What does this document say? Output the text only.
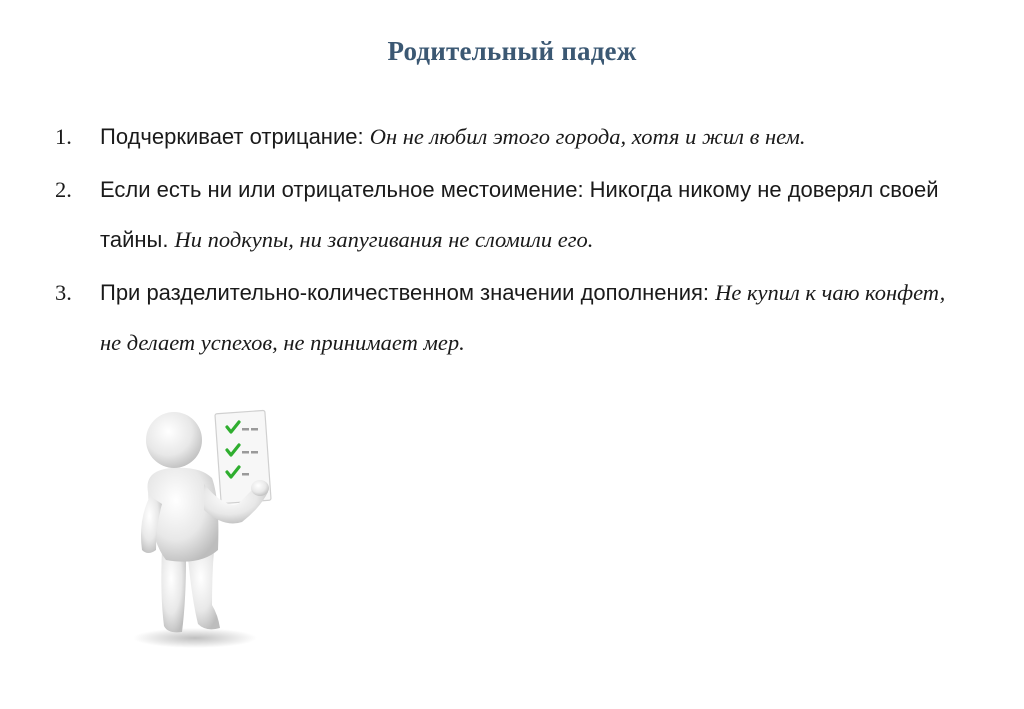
Родительный падеж
1. Подчеркивает отрицание: Он не любил этого города, хотя и жил в нем.
2. Если есть ни или отрицательное местоимение: Никогда никому не доверял своей тайны. Ни подкупы, ни запугивания не сломили его.
3. При разделительно-количественном значении дополнения: Не купил к чаю конфет, не делает успехов, не принимает мер.
